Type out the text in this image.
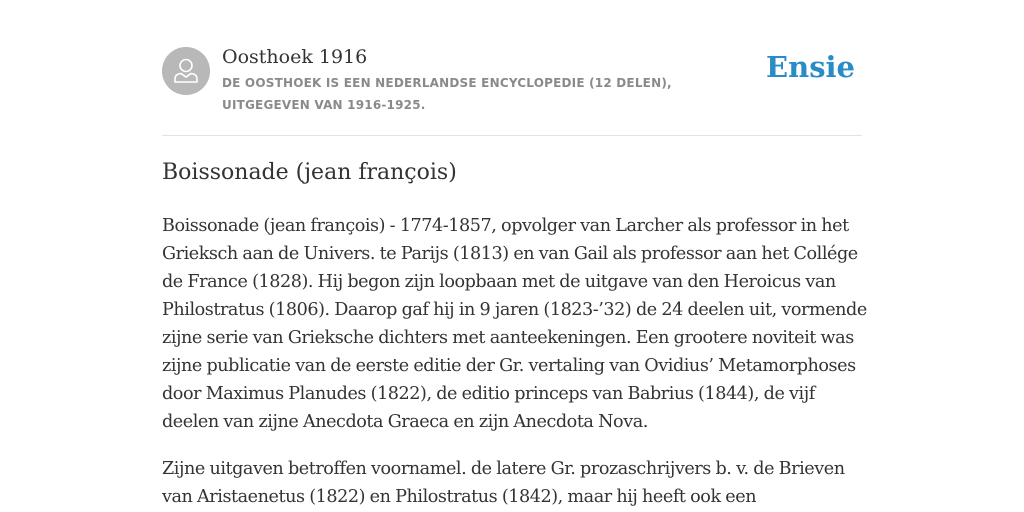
Oosthoek 1916
DE OOSTHOEK IS EEN NEDERLANDSE ENCYCLOPEDIE (12 DELEN), UITGEGEVEN VAN 1916-1925.
Ensie
Boissonade (jean françois)

Boissonade (jean françois) - 1774-1857, opvolger van Larcher als professor in het Grieksch aan de Univers. te Parijs (1813) en van Gail als professor aan het Collége de France (1828). Hij begon zijn loopbaan met de uitgave van den Heroicus van Philostratus (1806). Daarop gaf hij in 9 jaren (1823-’32) de 24 deelen uit, vormende zijne serie van Grieksche dichters met aanteekeningen. Een grootere noviteit was zijne publicatie van de eerste editie der Gr. vertaling van Ovidius’ Metamorphoses door Maximus Planudes (1822), de editio princeps van Babrius (1844), de vijf deelen van zijne Anecdota Graeca en zijn Anecdota Nova.

Zijne uitgaven betroffen voornamel. de latere Gr. prozaschrijvers b. v. de Brieven van Aristaenetus (1822) en Philostratus (1842), maar hij heeft ook een
